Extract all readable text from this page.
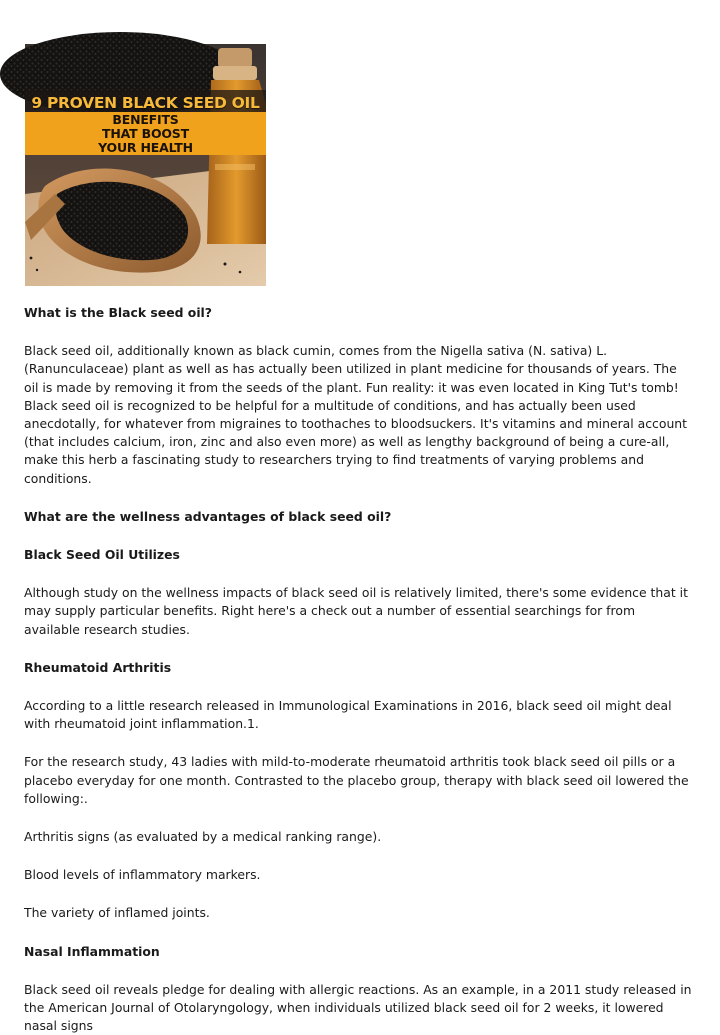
9 PROVEN BLACK SEED OIL
BENEFITS
THAT BOOST
YOUR HEALTH

What is the Black seed oil?

Black seed oil, additionally known as black cumin, comes from the Nigella sativa (N. sativa) L. (Ranunculaceae) plant as well as has actually been utilized in plant medicine for thousands of years. The oil is made by removing it from the seeds of the plant. Fun reality: it was even located in King Tut's tomb! Black seed oil is recognized to be helpful for a multitude of conditions, and has actually been used anecdotally, for whatever from migraines to toothaches to bloodsuckers. It's vitamins and mineral account (that includes calcium, iron, zinc and also even more) as well as lengthy background of being a cure-all, make this herb a fascinating study to researchers trying to find treatments of varying problems and conditions.

What are the wellness advantages of black seed oil?

Black Seed Oil Utilizes

Although study on the wellness impacts of black seed oil is relatively limited, there's some evidence that it may supply particular benefits. Right here's a check out a number of essential searchings for from available research studies.

Rheumatoid Arthritis

According to a little research released in Immunological Examinations in 2016, black seed oil might deal with rheumatoid joint inflammation.1.

For the research study, 43 ladies with mild-to-moderate rheumatoid arthritis took black seed oil pills or a placebo everyday for one month. Contrasted to the placebo group, therapy with black seed oil lowered the following:.

Arthritis signs (as evaluated by a medical ranking range).

Blood levels of inflammatory markers.

The variety of inflamed joints.

Nasal Inflammation

Black seed oil reveals pledge for dealing with allergic reactions. As an example, in a 2011 study released in the American Journal of Otolaryngology, when individuals utilized black seed oil for 2 weeks, it lowered nasal signs
